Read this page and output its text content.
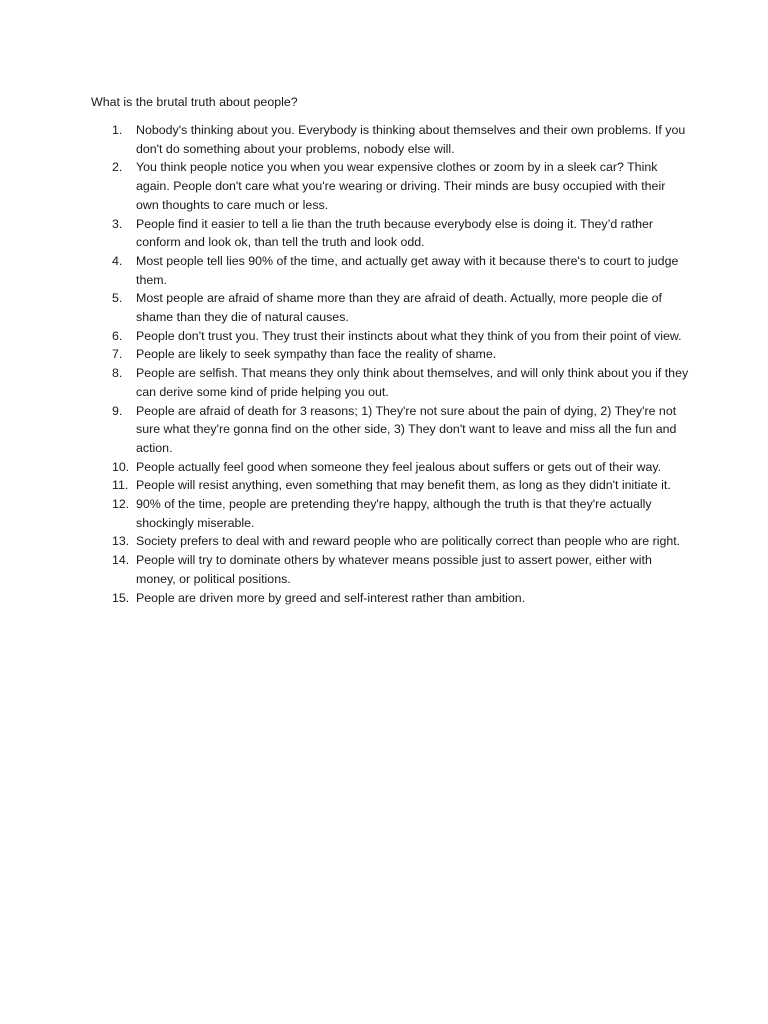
What is the brutal truth about people?
1. Nobody's thinking about you. Everybody is thinking about themselves and their own problems. If you don't do something about your problems, nobody else will.
2. You think people notice you when you wear expensive clothes or zoom by in a sleek car? Think again. People don't care what you're wearing or driving. Their minds are busy occupied with their own thoughts to care much or less.
3. People find it easier to tell a lie than the truth because everybody else is doing it. They’d rather conform and look ok, than tell the truth and look odd.
4. Most people tell lies 90% of the time, and actually get away with it because there's to court to judge them.
5. Most people are afraid of shame more than they are afraid of death. Actually, more people die of shame than they die of natural causes.
6. People don't trust you. They trust their instincts about what they think of you from their point of view.
7. People are likely to seek sympathy than face the reality of shame.
8. People are selfish. That means they only think about themselves, and will only think about you if they can derive some kind of pride helping you out.
9. People are afraid of death for 3 reasons; 1) They're not sure about the pain of dying, 2) They're not sure what they're gonna find on the other side, 3) They don't want to leave and miss all the fun and action.
10. People actually feel good when someone they feel jealous about suffers or gets out of their way.
11. People will resist anything, even something that may benefit them, as long as they didn't initiate it.
12. 90% of the time, people are pretending they're happy, although the truth is that they're actually shockingly miserable.
13. Society prefers to deal with and reward people who are politically correct than people who are right.
14. People will try to dominate others by whatever means possible just to assert power, either with money, or political positions.
15. People are driven more by greed and self-interest rather than ambition.
